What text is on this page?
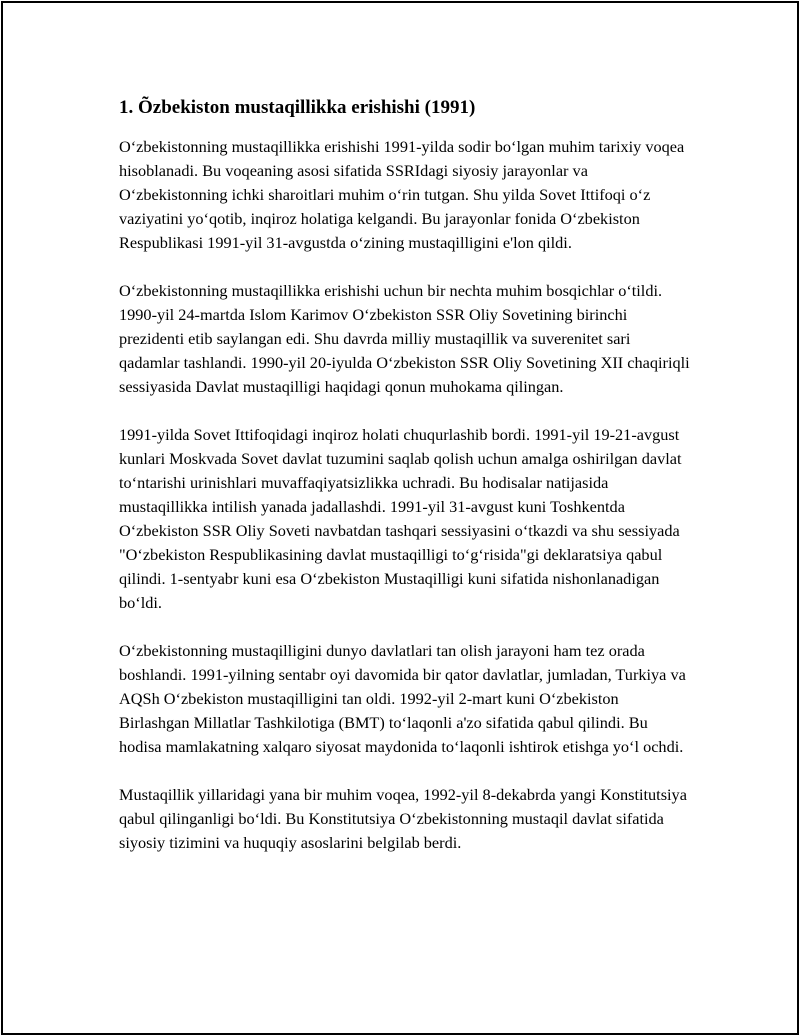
1. Õzbekiston mustaqillikka erishishi (1991)

O‘zbekistonning mustaqillikka erishishi 1991-yilda sodir bo‘lgan muhim tarixiy voqea hisoblanadi. Bu voqeaning asosi sifatida SSRIdagi siyosiy jarayonlar va O‘zbekistonning ichki sharoitlari muhim o‘rin tutgan. Shu yilda Sovet Ittifoqi o‘z vaziyatini yo‘qotib, inqiroz holatiga kelgandi. Bu jarayonlar fonida O‘zbekiston Respublikasi 1991-yil 31-avgustda o‘zining mustaqilligini e'lon qildi.

O‘zbekistonning mustaqillikka erishishi uchun bir nechta muhim bosqichlar o‘tildi. 1990-yil 24-martda Islom Karimov O‘zbekiston SSR Oliy Sovetining birinchi prezidenti etib saylangan edi. Shu davrda milliy mustaqillik va suverenitet sari qadamlar tashlandi. 1990-yil 20-iyulda O‘zbekiston SSR Oliy Sovetining XII chaqiriqli sessiyasida Davlat mustaqilligi haqidagi qonun muhokama qilingan.

1991-yilda Sovet Ittifoqidagi inqiroz holati chuqurlashib bordi. 1991-yil 19-21-avgust kunlari Moskvada Sovet davlat tuzumini saqlab qolish uchun amalga oshirilgan davlat to‘ntarishi urinishlari muvaffaqiyatsizlikka uchradi. Bu hodisalar natijasida mustaqillikka intilish yanada jadallashdi. 1991-yil 31-avgust kuni Toshkentda O‘zbekiston SSR Oliy Soveti navbatdan tashqari sessiyasini o‘tkazdi va shu sessiyada "O‘zbekiston Respublikasining davlat mustaqilligi to‘g‘risida"gi deklaratsiya qabul qilindi. 1-sentyabr kuni esa O‘zbekiston Mustaqilligi kuni sifatida nishonlanadigan bo‘ldi.

O‘zbekistonning mustaqilligini dunyo davlatlari tan olish jarayoni ham tez orada boshlandi. 1991-yilning sentabr oyi davomida bir qator davlatlar, jumladan, Turkiya va AQSh O‘zbekiston mustaqilligini tan oldi. 1992-yil 2-mart kuni O‘zbekiston Birlashgan Millatlar Tashkilotiga (BMT) to‘laqonli a'zo sifatida qabul qilindi. Bu hodisa mamlakatning xalqaro siyosat maydonida to‘laqonli ishtirok etishga yo‘l ochdi.

Mustaqillik yillaridagi yana bir muhim voqea, 1992-yil 8-dekabrda yangi Konstitutsiya qabul qilinganligi bo‘ldi. Bu Konstitutsiya O‘zbekistonning mustaqil davlat sifatida siyosiy tizimini va huquqiy asoslarini belgilab berdi.
